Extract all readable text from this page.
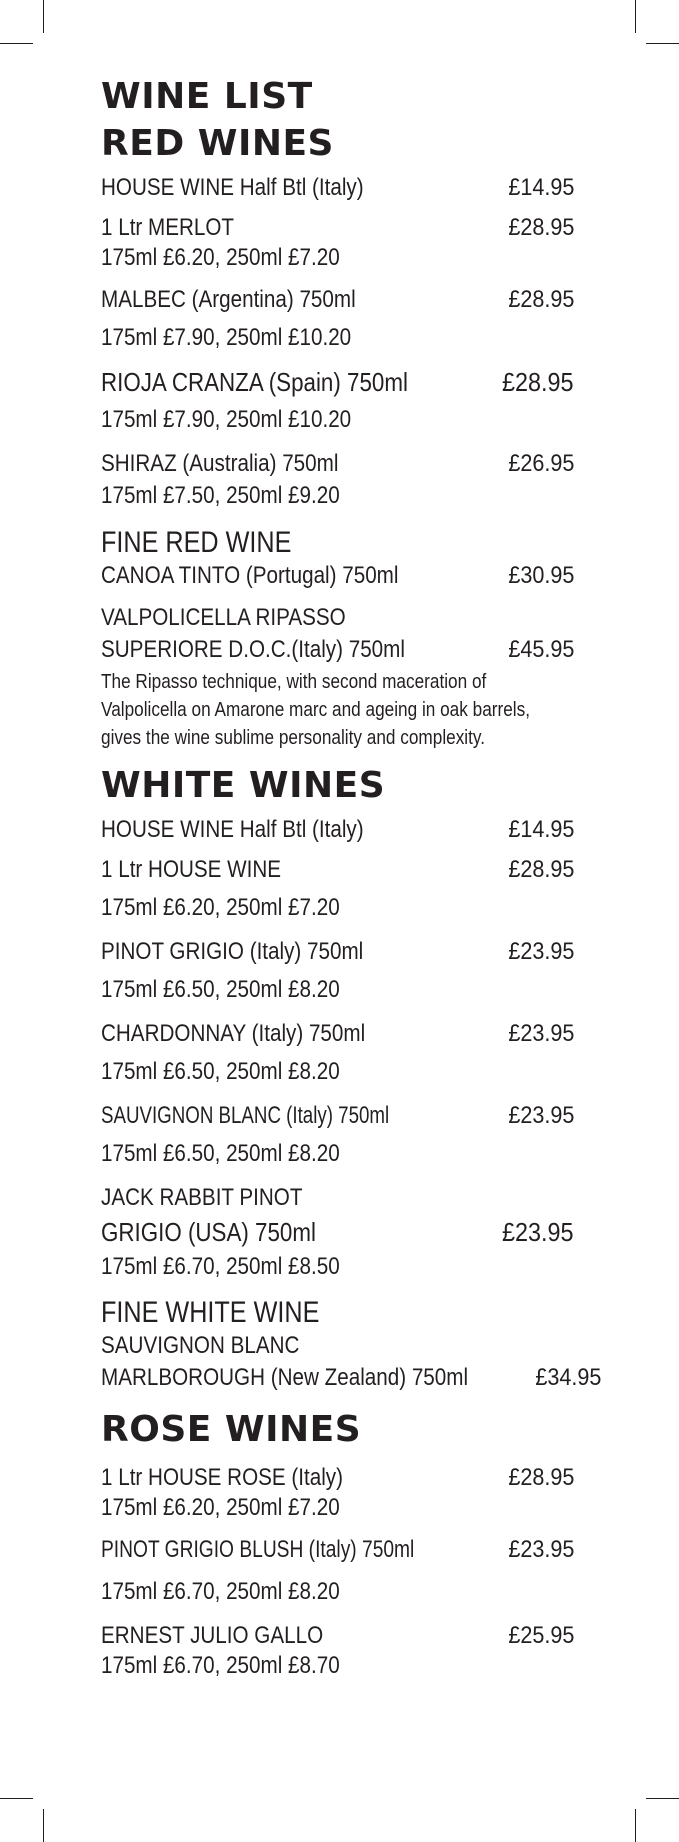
WINE LIST
RED WINES
HOUSE WINE Half Btl (Italy)	£14.95
1 Ltr MERLOT	£28.95
175ml £6.20, 250ml £7.20
MALBEC (Argentina) 750ml	£28.95
175ml £7.90, 250ml £10.20
RIOJA CRANZA (Spain) 750ml	£28.95
175ml £7.90, 250ml £10.20
SHIRAZ (Australia) 750ml	£26.95
175ml £7.50, 250ml £9.20
FINE RED WINE
CANOA TINTO (Portugal) 750ml	£30.95
VALPOLICELLA RIPASSO
SUPERIORE D.O.C.(Italy) 750ml	£45.95
The Ripasso technique, with second maceration of Valpolicella on Amarone marc and ageing in oak barrels, gives the wine sublime personality and complexity.
WHITE WINES
HOUSE WINE Half Btl (Italy)	£14.95
1 Ltr HOUSE WINE	£28.95
175ml £6.20, 250ml £7.20
PINOT GRIGIO (Italy) 750ml	£23.95
175ml £6.50, 250ml £8.20
CHARDONNAY (Italy) 750ml	£23.95
175ml £6.50, 250ml £8.20
SAUVIGNON BLANC (Italy) 750ml	£23.95
175ml £6.50, 250ml £8.20
JACK RABBIT PINOT
GRIGIO (USA) 750ml	£23.95
175ml £6.70, 250ml £8.50
FINE WHITE WINE
SAUVIGNON BLANC
MARLBOROUGH (New Zealand) 750ml	£34.95
ROSE WINES
1 Ltr HOUSE ROSE (Italy)	£28.95
175ml £6.20, 250ml £7.20
PINOT GRIGIO BLUSH (Italy) 750ml	£23.95
175ml £6.70, 250ml £8.20
ERNEST JULIO GALLO	£25.95
175ml £6.70, 250ml £8.70
